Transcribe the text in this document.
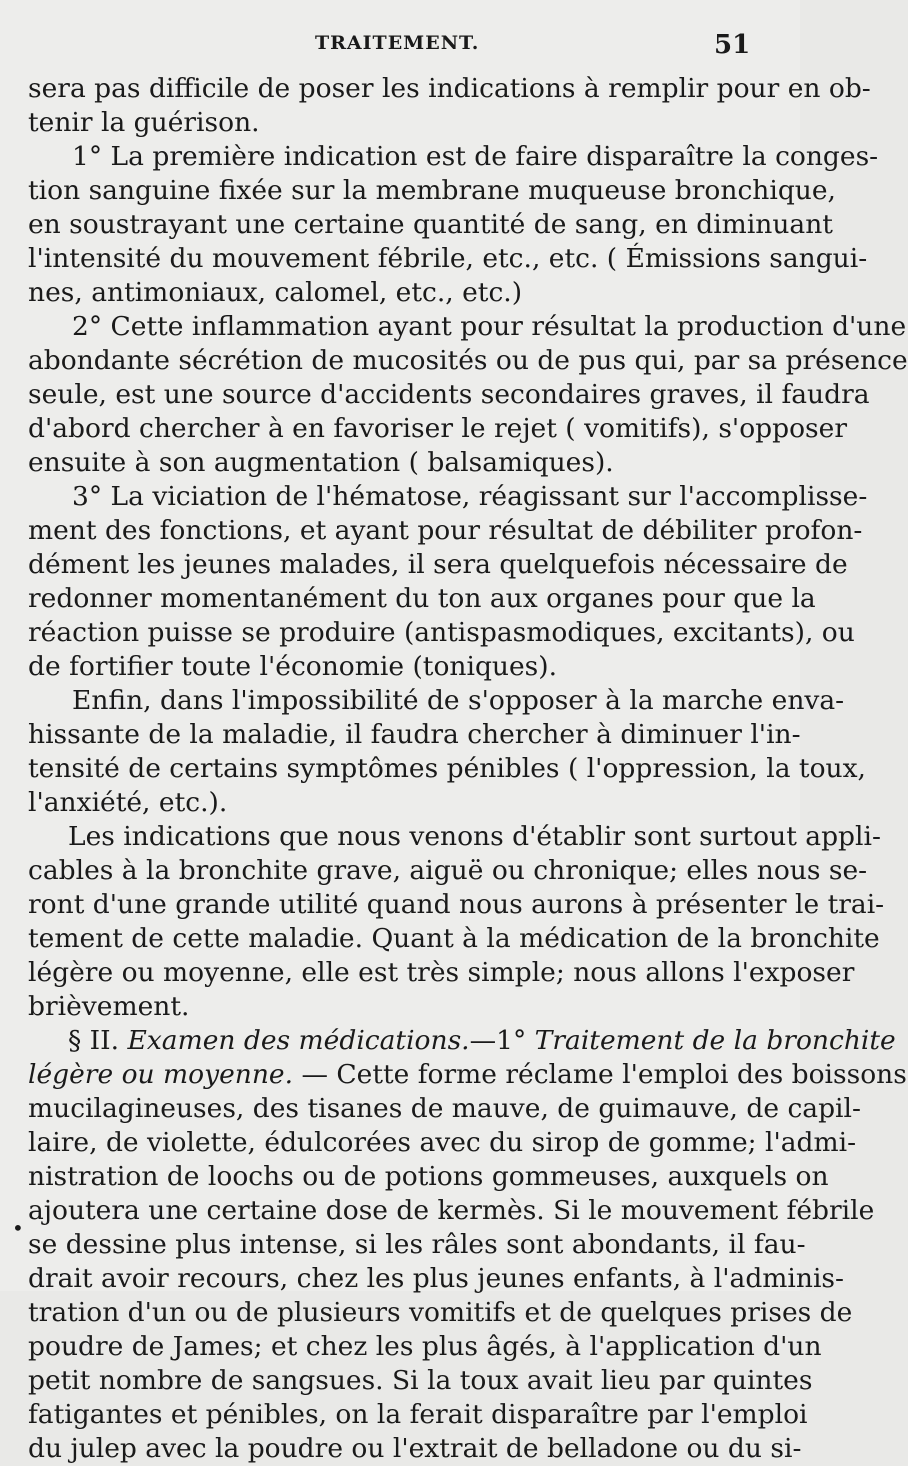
TRAITEMENT.	51
sera pas difficile de poser les indications à remplir pour en ob-
tenir la guérison.
1° La première indication est de faire disparaître la conges-
tion sanguine fixée sur la membrane muqueuse bronchique,
en soustrayant une certaine quantité de sang, en diminuant
l'intensité du mouvement fébrile, etc., etc. ( Émissions sangui-
nes, antimoniaux, calomel, etc., etc.)
2° Cette inflammation ayant pour résultat la production d'une
abondante sécrétion de mucosités ou de pus qui, par sa présence
seule, est une source d'accidents secondaires graves, il faudra
d'abord chercher à en favoriser le rejet ( vomitifs), s'opposer
ensuite à son augmentation ( balsamiques).
3° La viciation de l'hématose, réagissant sur l'accomplisse-
ment des fonctions, et ayant pour résultat de débiliter profon-
dément les jeunes malades, il sera quelquefois nécessaire de
redonner momentanément du ton aux organes pour que la
réaction puisse se produire (antispasmodiques, excitants), ou
de fortifier toute l'économie (toniques).
Enfin, dans l'impossibilité de s'opposer à la marche enva-
hissante de la maladie, il faudra chercher à diminuer l'in-
tensité de certains symptômes pénibles ( l'oppression, la toux,
l'anxiété, etc.).
Les indications que nous venons d'établir sont surtout appli-
cables à la bronchite grave, aiguë ou chronique; elles nous se-
ront d'une grande utilité quand nous aurons à présenter le trai-
tement de cette maladie. Quant à la médication de la bronchite
légère ou moyenne, elle est très simple; nous allons l'exposer
brièvement.
§ II. Examen des médications.—1° Traitement de la bronchite
légère ou moyenne. — Cette forme réclame l'emploi des boissons
mucilagineuses, des tisanes de mauve, de guimauve, de capil-
laire, de violette, édulcorées avec du sirop de gomme; l'admi-
nistration de loochs ou de potions gommeuses, auxquels on
ajoutera une certaine dose de kermès. Si le mouvement fébrile
se dessine plus intense, si les râles sont abondants, il fau-
drait avoir recours, chez les plus jeunes enfants, à l'adminis-
tration d'un ou de plusieurs vomitifs et de quelques prises de
poudre de James; et chez les plus âgés, à l'application d'un
petit nombre de sangsues. Si la toux avait lieu par quintes
fatigantes et pénibles, on la ferait disparaître par l'emploi
du julep avec la poudre ou l'extrait de belladone ou du si-
•
